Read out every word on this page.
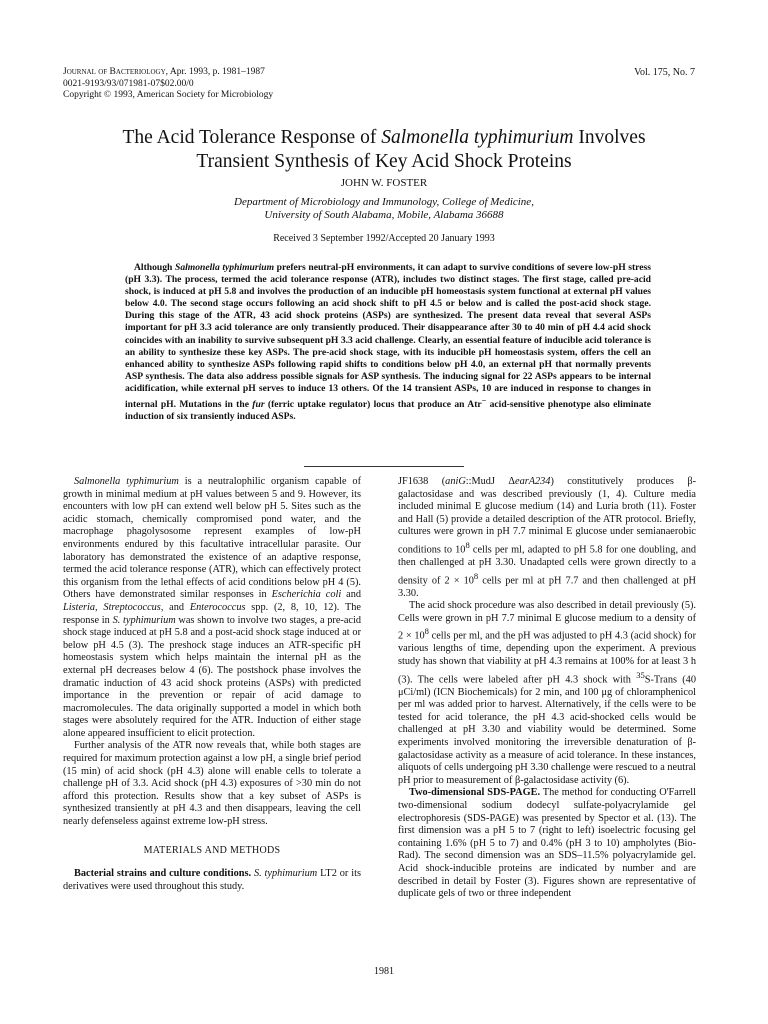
Journal of Bacteriology, Apr. 1993, p. 1981–1987
0021-9193/93/071981-07$02.00/0
Copyright © 1993, American Society for Microbiology
Vol. 175, No. 7
The Acid Tolerance Response of Salmonella typhimurium Involves
Transient Synthesis of Key Acid Shock Proteins
JOHN W. FOSTER
Department of Microbiology and Immunology, College of Medicine,
University of South Alabama, Mobile, Alabama 36688
Received 3 September 1992/Accepted 20 January 1993
Although Salmonella typhimurium prefers neutral-pH environments, it can adapt to survive conditions of severe low-pH stress (pH 3.3). The process, termed the acid tolerance response (ATR), includes two distinct stages. The first stage, called pre-acid shock, is induced at pH 5.8 and involves the production of an inducible pH homeostasis system functional at external pH values below 4.0. The second stage occurs following an acid shock shift to pH 4.5 or below and is called the post-acid shock stage. During this stage of the ATR, 43 acid shock proteins (ASPs) are synthesized. The present data reveal that several ASPs important for pH 3.3 acid tolerance are only transiently produced. Their disappearance after 30 to 40 min of pH 4.4 acid shock coincides with an inability to survive subsequent pH 3.3 acid challenge. Clearly, an essential feature of inducible acid tolerance is an ability to synthesize these key ASPs. The pre-acid shock stage, with its inducible pH homeostasis system, offers the cell an enhanced ability to synthesize ASPs following rapid shifts to conditions below pH 4.0, an external pH that normally prevents ASP synthesis. The data also address possible signals for ASP synthesis. The inducing signal for 22 ASPs appears to be internal acidification, while external pH serves to induce 13 others. Of the 14 transient ASPs, 10 are induced in response to changes in internal pH. Mutations in the fur (ferric uptake regulator) locus that produce an Atr− acid-sensitive phenotype also eliminate induction of six transiently induced ASPs.

Salmonella typhimurium is a neutralophilic organism capable of growth in minimal medium at pH values between 5 and 9. However, its encounters with low pH can extend well below pH 5. Sites such as the acidic stomach, chemically compromised pond water, and the macrophage phagolysosome represent examples of low-pH environments endured by this facultative intracellular parasite. Our laboratory has demonstrated the existence of an adaptive response, termed the acid tolerance response (ATR), which can effectively protect this organism from the lethal effects of acid conditions below pH 4 (5). Others have demonstrated similar responses in Escherichia coli and Listeria, Streptococcus, and Enterococcus spp. (2, 8, 10, 12). The response in S. typhimurium was shown to involve two stages, a pre-acid shock stage induced at pH 5.8 and a post-acid shock stage induced at or below pH 4.5 (3). The preshock stage induces an ATR-specific pH homeostasis system which helps maintain the internal pH as the external pH decreases below 4 (6). The postshock phase involves the dramatic induction of 43 acid shock proteins (ASPs) with predicted importance in the prevention or repair of acid damage to macromolecules. The data originally supported a model in which both stages were absolutely required for the ATR. Induction of either stage alone appeared insufficient to elicit protection.

Further analysis of the ATR now reveals that, while both stages are required for maximum protection against a low pH, a single brief period (15 min) of acid shock (pH 4.3) alone will enable cells to tolerate a challenge pH of 3.3. Acid shock (pH 4.3) exposures of >30 min do not afford this protection. Results show that a key subset of ASPs is synthesized transiently at pH 4.3 and then disappears, leaving the cell nearly defenseless against extreme low-pH stress.

MATERIALS AND METHODS

Bacterial strains and culture conditions. S. typhimurium LT2 or its derivatives were used throughout this study.

JF1638 (aniG::MudJ ΔearA234) constitutively produces β-galactosidase and was described previously (1, 4). Culture media included minimal E glucose medium (14) and Luria broth (11). Foster and Hall (5) provide a detailed description of the ATR protocol. Briefly, cultures were grown in pH 7.7 minimal E glucose under semianaerobic conditions to $10^8$ cells per ml, adapted to pH 5.8 for one doubling, and then challenged at pH 3.30. Unadapted cells were grown directly to a density of $2 \times 10^8$ cells per ml at pH 7.7 and then challenged at pH 3.30.

The acid shock procedure was also described in detail previously (5). Cells were grown in pH 7.7 minimal E glucose medium to a density of $2 \times 10^8$ cells per ml, and the pH was adjusted to pH 4.3 (acid shock) for various lengths of time, depending upon the experiment. A previous study has shown that viability at pH 4.3 remains at 100% for at least 3 h (3). The cells were labeled after pH 4.3 shock with $^{35}$S-Trans (40 μCi/ml) (ICN Biochemicals) for 2 min, and 100 μg of chloramphenicol per ml was added prior to harvest. Alternatively, if the cells were to be tested for acid tolerance, the pH 4.3 acid-shocked cells would be challenged at pH 3.30 and viability would be determined. Some experiments involved monitoring the irreversible denaturation of β-galactosidase activity as a measure of acid tolerance. In these instances, aliquots of cells undergoing pH 3.30 challenge were rescued to a neutral pH prior to measurement of β-galactosidase activity (6).

Two-dimensional SDS-PAGE. The method for conducting O'Farrell two-dimensional sodium dodecyl sulfate-polyacrylamide gel electrophoresis (SDS-PAGE) was presented by Spector et al. (13). The first dimension was a pH 5 to 7 (right to left) isoelectric focusing gel containing 1.6% (pH 5 to 7) and 0.4% (pH 3 to 10) ampholytes (Bio-Rad). The second dimension was an SDS–11.5% polyacrylamide gel. Acid shock-inducible proteins are indicated by number and are described in detail by Foster (3). Figures shown are representative of duplicate gels of two or three independent

1981
